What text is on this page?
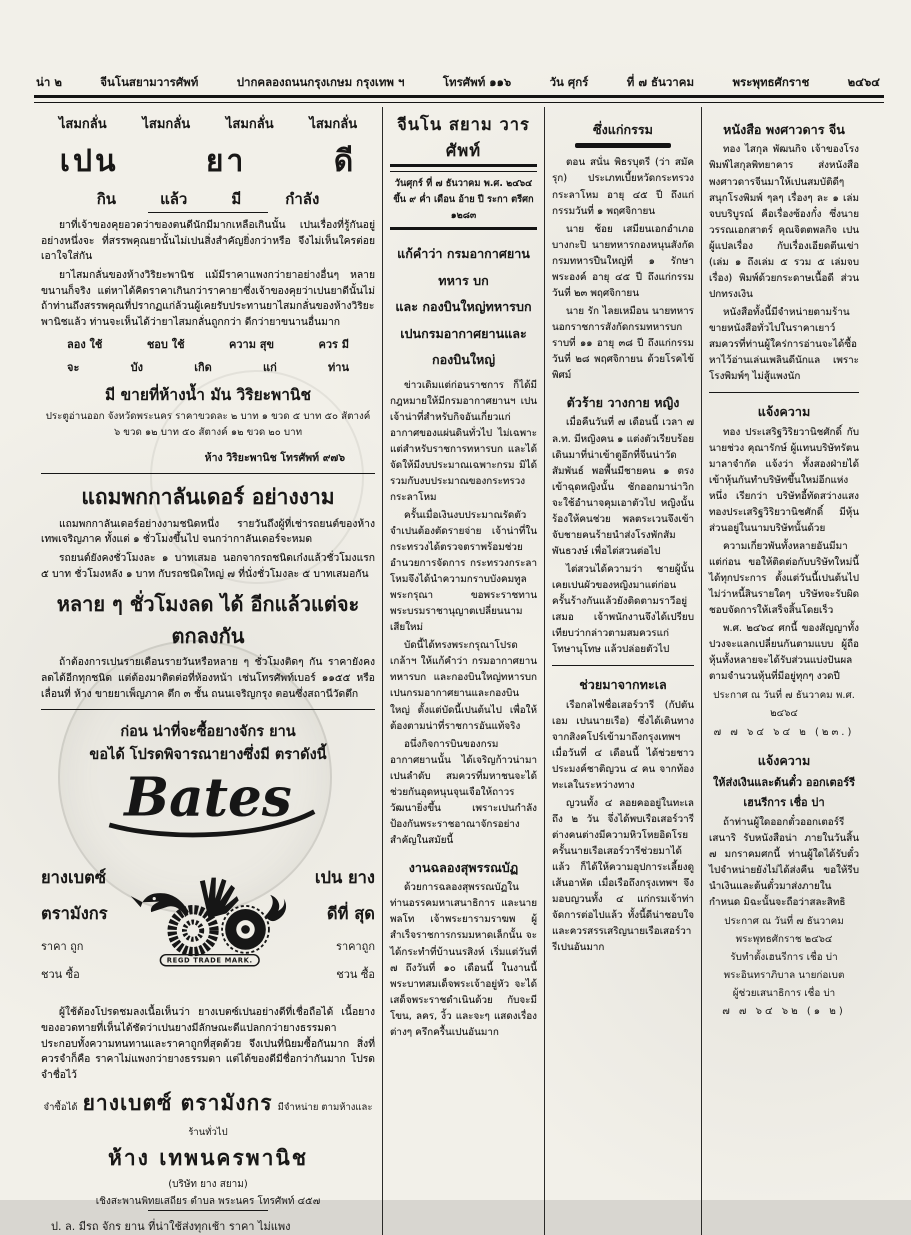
น่า ๒	จีนโนสยามวารศัพท์	ปากคลองถนนกรุงเกษม กรุงเทพ ฯ	โทรศัพท์ ๑๑๖	วัน ศุกร์	ที่ ๗ ธันวาคม	พระพุทธศักราช	๒๔๖๔
ไสมกลั่น	ไสมกลั่น	ไสมกลั่น	ไสมกลั่น
เปน ยา ดี
กิน	แล้ว	มี	กำลัง

ยาที่เจ้าของคุยอวดว่าของตนดีนักมีมากเหลือเกินนั้น เปนเรื่องที่รู้กันอยู่อย่างหนึ่งจะ ที่สรรพคุณยานั้นไม่เปนสิ่งสำคัญยิ่งกว่าหรือ จึงไม่เห็นใครต่อยเอาใจใส่กัน

ยาไสมกลั่นของห้างวิริยะพานิช แม้มีราคาแพงกว่ายาอย่างอื่นๆ หลายขนานก็จริง แต่หาได้คิดราคาเกินกว่าราคายาซึ่งเจ้าของคุยว่าเปนยาดีนั้นไม่ ถ้าท่านถึงสรรพคุณที่ปรากฏแก่ล้วนผู้เคยรับประทานยาไสมกลั่นของห้างวิริยะพานิชแล้ว ท่านจะเห็นได้ว่ายาไสมกลั่นถูกกว่า ดีกว่ายาขนานอื่นมาก

ลอง ใช้	ชอบ ใช้	ความ สุข	ควร มี
จะ	บัง	เกิด	แก่	ท่าน
มี ขายที่ห้างน้ำ มัน วิริยะพานิช
ประตูอ่านออก จังหวัดพระนคร ราคาขวดละ ๒ บาท ๑ ขวด ๕ บาท ๕๐ สัตางค์
๖ ขวด ๑๒ บาท ๕๐ สัตางค์ ๑๒ ขวด ๒๐ บาท
ห้าง วิริยะพานิช โทรศัพท์ ๙๗๖
แถมพกกาลันเดอร์ อย่างงาม

แถมพกกาลันเดอร์อย่างงามชนิดหนึ่ง รายวันถึงผู้ที่เช่ารถยนต์ของห้างเทพเจริญภาค ทั้งแต่ ๑ ชั่วโมงขึ้นไป จนกว่ากาลันเดอร์จะหมด

รถยนต์ยังคงชั่วโมงละ ๑ บาทเสมอ นอกจากรถชนิดเก๋งแล้วชั่วโมงแรก ๕ บาท ชั่วโมงหลัง ๑ บาท กับรถชนิดใหญ่ ๗ ที่นั่งชั่วโมงละ ๕ บาทเสมอกัน

หลาย ๆ ชั่วโมงลด ได้ อีกแล้วแต่จะตกลงกัน

ถ้าต้องการเปนรายเดือนรายวันหรือหลาย ๆ ชั่วโมงติดๆ กัน ราคายังคงลดได้อีกทุกชนิด แต่ต้องมาติดต่อที่ห้องหน้า เช่นโทรศัพท์เบอร์ ๑๑๕๕ หรือเลื่อนที่ ห้าง ขายยาเพ็ญภาค ตึก ๓ ชั้น ถนนเจริญกรุง ตอนซึ่งสถานีวัดตึก

ก่อน น่าที่จะซื้อยางจักร ยาน
ขอได้ โปรดพิจารณายางซึ่งมี ตราดังนี้
Bates
ยางเบตซ์
ตรามังกร
ราคา ถูก
ชวน ซื้อ
REGD TRADE MARK.
เปน ยาง
ดีที่ สุด
ราคาถูก
ชวน ซื้อ

ผู้ใช้ต้องโปรดชมลงเนื้อเห็นว่า ยางเบตซ์เปนอย่างดีที่เชื่อถือได้ เนื้อยางของอวดทายที่เห็นได้ชัดว่าเปนยางมีลักษณะดีแปลกกว่ายางธรรมดา ประกอบทั้งความทนทานและราคาถูกที่สุดด้วย จึงเปนที่นิยมซื้อกันมาก สิ่งที่ควรจำก็คือ ราคาไม่แพงกว่ายางธรรมดา แต่ได้ของดีมีชื่อกว่ากันมาก โปรดจำชื่อไว้

จำซื้อได้ ยางเบตซ์ ตรามังกร มีจำหน่าย ตามห้างและร้านทั่วไป
ห้าง เทพนครพานิช
(บริษัท ยาง สยาม)
เชิงสะพานพิทยเสถียร ตำบล พระนคร โทรศัพท์ ๔๕๗
ป. ล. มีรถ จักร ยาน ที่น่าใช้ส่งทุกเช้า ราคา ไม่แพง
จีนโน สยาม วารศัพท์
วันศุกร์ ที่ ๗ ธันวาคม พ.ศ. ๒๔๖๔
ขึ้น ๙ ค่ำ เดือน อ้าย ปี ระกา ตรีศก ๑๒๘๓
แก้คำว่า กรมอากาศยาน ทหาร บก
และ กองบินใหญ่ทหารบก
เปนกรมอากาศยานและกองบินใหญ่

ข่าวเดิมแต่ก่อนราชการ ก็ได้มีกฎหมายให้มีกรมอากาศยานฯ เปนเจ้าน่าที่สำหรับกิจอันเกี่ยวแก่อากาศของแผ่นดินทั่วไป ไม่เฉพาะแต่สำหรับราชการทหารบก และได้จัดให้มีงบประมาณเฉพาะกรม มิได้รวมกับงบประมาณของกระทรวงกระลาโหม

ครั้นเมื่อเงินงบประมาณรัดตัวจำเปนต้องตัดรายจ่าย เจ้าน่าที่ในกระทรวงได้ตรวจตราพร้อมช่วยอำนวยการจัดการ กระทรวงกระลาโหมจึงได้นำความกราบบังคมทูลพระกรุณา ขอพระราชทานพระบรมราชานุญาตเปลี่ยนนามเสียใหม่

บัดนี้ได้ทรงพระกรุณาโปรดเกล้าฯ ให้แก้คำว่า กรมอากาศยานทหารบก และกองบินใหญ่ทหารบก เปนกรมอากาศยานและกองบินใหญ่ ตั้งแต่บัดนี้เปนต้นไป เพื่อให้ต้องตามน่าที่ราชการอันแท้จริง

อนึ่งกิจการบินของกรมอากาศยานนั้น ได้เจริญก้าวน่ามาเปนลำดับ สมควรที่มหาชนจะได้ช่วยกันอุดหนุนจุนเจือให้ถาวรวัฒนายิ่งขึ้น เพราะเปนกำลังป้องกันพระราชอาณาจักรอย่างสำคัญในสมัยนี้

งานฉลองสุพรรณบัฏ

ด้วยการฉลองสุพรรณบัฏในท่านอรรคมหาเสนาธิการ และนายพลโท เจ้าพระยารามราฆพ ผู้สำเร็จราชการกรมมหาดเล็กนั้น จะได้กระทำที่บ้านนรสิงห์ เริ่มแต่วันที่ ๗ ถึงวันที่ ๑๐ เดือนนี้ ในงานนี้พระบาทสมเด็จพระเจ้าอยู่หัว จะได้เสด็จพระราชดำเนินด้วย กับจะมีโขน, ลคร, งิ้ว และจะๆ แสดงเรื่องต่างๆ ครึกครื้นเปนอันมาก

ซึ่งแก่กรรม

ตอน สนั่น พิธรบุตรี (ว่า สมัครุก) ประเภทเบี้ยหวัดกระทรวงกระลาโหม อายุ ๔๕ ปี ถึงแก่กรรมวันที่ ๑ พฤศจิกายน

นาย ช้อย เสมียนเอกอำเภอบางกะปิ นายทหารกองหนุนสังกัดกรมทหารปืนใหญ่ที่ ๑ รักษาพระองค์ อายุ ๔๕ ปี ถึงแก่กรรมวันที่ ๒๓ พฤศจิกายน

นาย รัก ไลยเหมือน นายทหารนอกราชการสังกัดกรมทหารบกราบที่ ๑๑ อายุ ๓๘ ปี ถึงแก่กรรมวันที่ ๒๘ พฤศจิกายน ด้วยโรคไข้พิศม์

ตัวร้าย วางกาย หญิง

เมื่อคืนวันที่ ๗ เดือนนี้ เวลา ๗ ล.ท. มีหญิงคน ๑ แต่งตัวเรียบร้อย เดินมาที่น่าเข้าตูอึกที่จีนน่าวัดสัมพันธ์ พอพื้นมีชายคน ๑ ตรงเข้าฉุดหญิงนั้น ชักออกมาน่าวิก จะใช้อำนาจคุมเอาตัวไป หญิงนั้นร้องให้คนช่วย พลตระเวนจึงเข้าจับชายคนร้ายนำส่งโรงพักสัมพันธวงษ์ เพื่อไต่สวนต่อไป

ไต่สวนได้ความว่า ชายผู้นั้นเคยเปนผัวของหญิงมาแต่ก่อน ครั้นร้างกันแล้วยังติดตามราวีอยู่เสมอ เจ้าพนักงานจึงได้เปรียบเทียบว่ากล่าวตามสมควรแก่โทษานุโทษ แล้วปล่อยตัวไป

ช่วยมาจากทะเล

เรือกลไฟชื่อเสอร์วารี (กัปตันเอม เปนนายเรือ) ซึ่งได้เดินทางจากสิงคโปร์เข้ามาถึงกรุงเทพฯ เมื่อวันที่ ๔ เดือนนี้ ได้ช่วยชาวประมงค์ชาติญวน ๔ คน จากท้องทะเลในระหว่างทาง

ญวนทั้ง ๔ ลอยคออยู่ในทะเลถึง ๒ วัน จึ่งได้พบเรือเสอร์วารี ต่างคนต่างมีความหิวโหยอิดโรย ครั้นนายเรือเสอร์วารีช่วยมาได้แล้ว ก็ได้ให้ความอุปการะเลี้ยงดูเส้นอาหัต เมื่อเรือถึงกรุงเทพฯ จึงมอบญวนทั้ง ๔ แก่กรมเจ้าท่าจัดการต่อไปแล้ว ทั้งนี้ดีน่าชอบใจและควรสรรเสริญนายเรือเสอร์วารีเปนอันมาก

หนังสือ พงศาวดาร จีน

ทอง ไสกุล พัฒนกิจ เจ้าของโรงพิมพ์ไสกุลพิทยาคาร ส่งหนังสือพงศาวดารจีนมาให้เปนสมบัติดีๆ สนุกโรงพิมพ์ ๆลๆ เรื่องๆ ละ ๑ เล่ม จบบริบูรณ์ คือเรื่องซ้องกั๋ง ซึ่งนายวรรณเอกสาตร์ คุณจิตตพลกิจ เปนผู้แปลเรื่อง กับเรื่องเอียดตีนเข่า (เล่ม ๑ ถึงเล่ม ๕ รวม ๕ เล่มจบเรื่อง) พิมพ์ด้วยกระดาษเนื้อดี ส่วนปกทรงเงิน

หนังสือทั้งนี้มีจำหน่ายตามร้านขายหนังสือทั่วไปในราคาเยาว์ สมควรที่ท่านผู้ใคร่การอ่านจะได้ซื้อหาไว้อ่านเล่นเพลินดีนักแล เพราะโรงพิมพ์ๆ ไม่สู้แพงนัก

แจ้งความ

ทอง ประเสริฐวิริยวานิชศักดิ์ กับนายช่วง คุณารักษ์ ผู้แทนบริษัทรัตนมาลาจำกัด แจ้งว่า ทั้งสองฝ่ายได้เข้าหุ้นกันทำบริษัทขึ้นใหม่อีกแห่งหนึ่ง เรียกว่า บริษัทอี้ทัดสว่างแสง ทองประเสริฐวิริยวานิชศักดิ์ มีหุ้นส่วนอยู่ในนามบริษัทนั้นด้วย

ความเกี่ยวพันทั้งหลายอันมีมาแต่ก่อน ขอให้ติดต่อกับบริษัทใหม่นี้ได้ทุกประการ ตั้งแต่วันนี้เปนต้นไป ไม่ว่าหนี้สินรายใดๆ บริษัทจะรับผิดชอบจัดการให้เสร็จสิ้นโดยเร็ว

พ.ศ. ๒๔๖๔ ศกนี้ ของสัญญาทั้งปวงจะแลกเปลี่ยนกันตามแบบ ผู้ถือหุ้นทั้งหลายจะได้รับส่วนแบ่งปันผลตามจำนวนหุ้นที่มีอยู่ทุกๆ งวดปี

ประกาศ ณ วันที่ ๗ ธันวาคม พ.ศ. ๒๔๖๔
๗ ๗ ๖๔ ๖๔ ๒ (๒๓.)
แจ้งความ
ให้ส่งเงินและต้นตั๋ว ออกเตอร์รี
เฮนรีการ เชื่อ บ่า

ถ้าท่านผู้ใดออกตั๋วออกเตอร์รีเสนาริ รับหนังสือน่า ภายในวันสิ้น ๗ มกราคมศกนี้ ท่านผู้ใดได้รับตั๋วไปจำหน่ายยังไม่ได้ส่งคืน ขอให้รีบนำเงินและต้นตั๋วมาส่งภายในกำหนด มิฉะนั้นจะถือว่าสละสิทธิ

ประกาศ ณ วันที่ ๗ ธันวาคม พระพุทธศักราช ๒๔๖๔
รับทำตั้งเฮนรีการ เชื่อ บ่า
พระอินทราภิบาล นายก่อเบต
ผู้ช่วยเสนาธิการ เชื่อ บ่า
๗ ๗ ๖๔ ๖๒ (๑ ๒)
